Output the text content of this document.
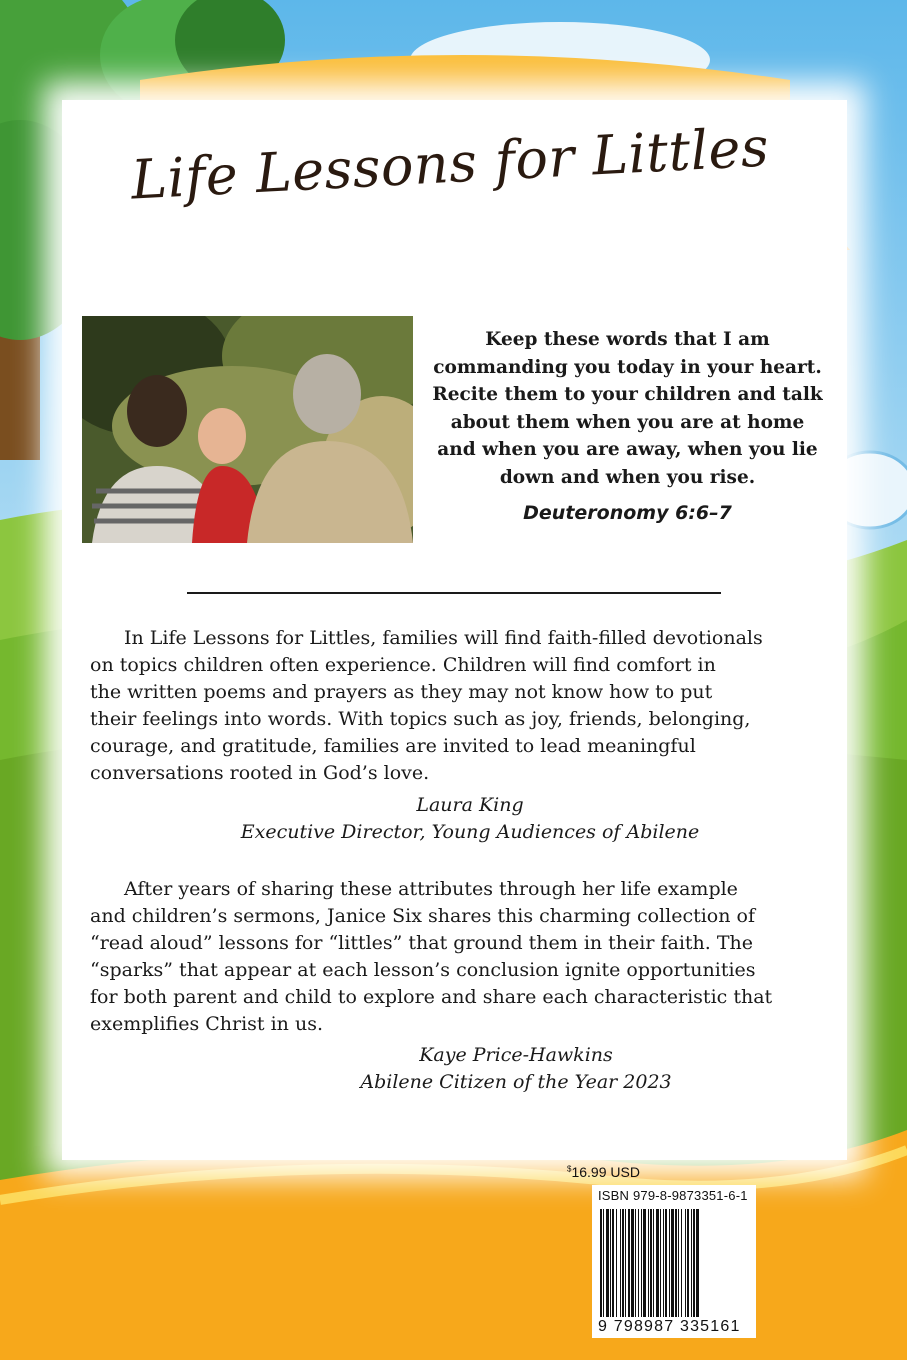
Life Lessons for Littles
Keep these words that I am
commanding you today in your heart.
Recite them to your children and talk
about them when you are at home
and when you are away, when you lie
down and when you rise.
Deuteronomy 6:6–7
In Life Lessons for Littles, families will find faith-filled devotionals
on topics children often experience. Children will find comfort in
the written poems and prayers as they may not know how to put
their feelings into words. With topics such as joy, friends, belonging,
courage, and gratitude, families are invited to lead meaningful
conversations rooted in God’s love.
Laura King
Executive Director, Young Audiences of Abilene
After years of sharing these attributes through her life example
and children’s sermons, Janice Six shares this charming collection of
“read aloud” lessons for “littles” that ground them in their faith. The
“sparks” that appear at each lesson’s conclusion ignite opportunities
for both parent and child to explore and share each characteristic that
exemplifies Christ in us.
Kaye Price-Hawkins
Abilene Citizen of the Year 2023
$16.99 USD
ISBN 979-8-9873351-6-1
9 798987 335161
